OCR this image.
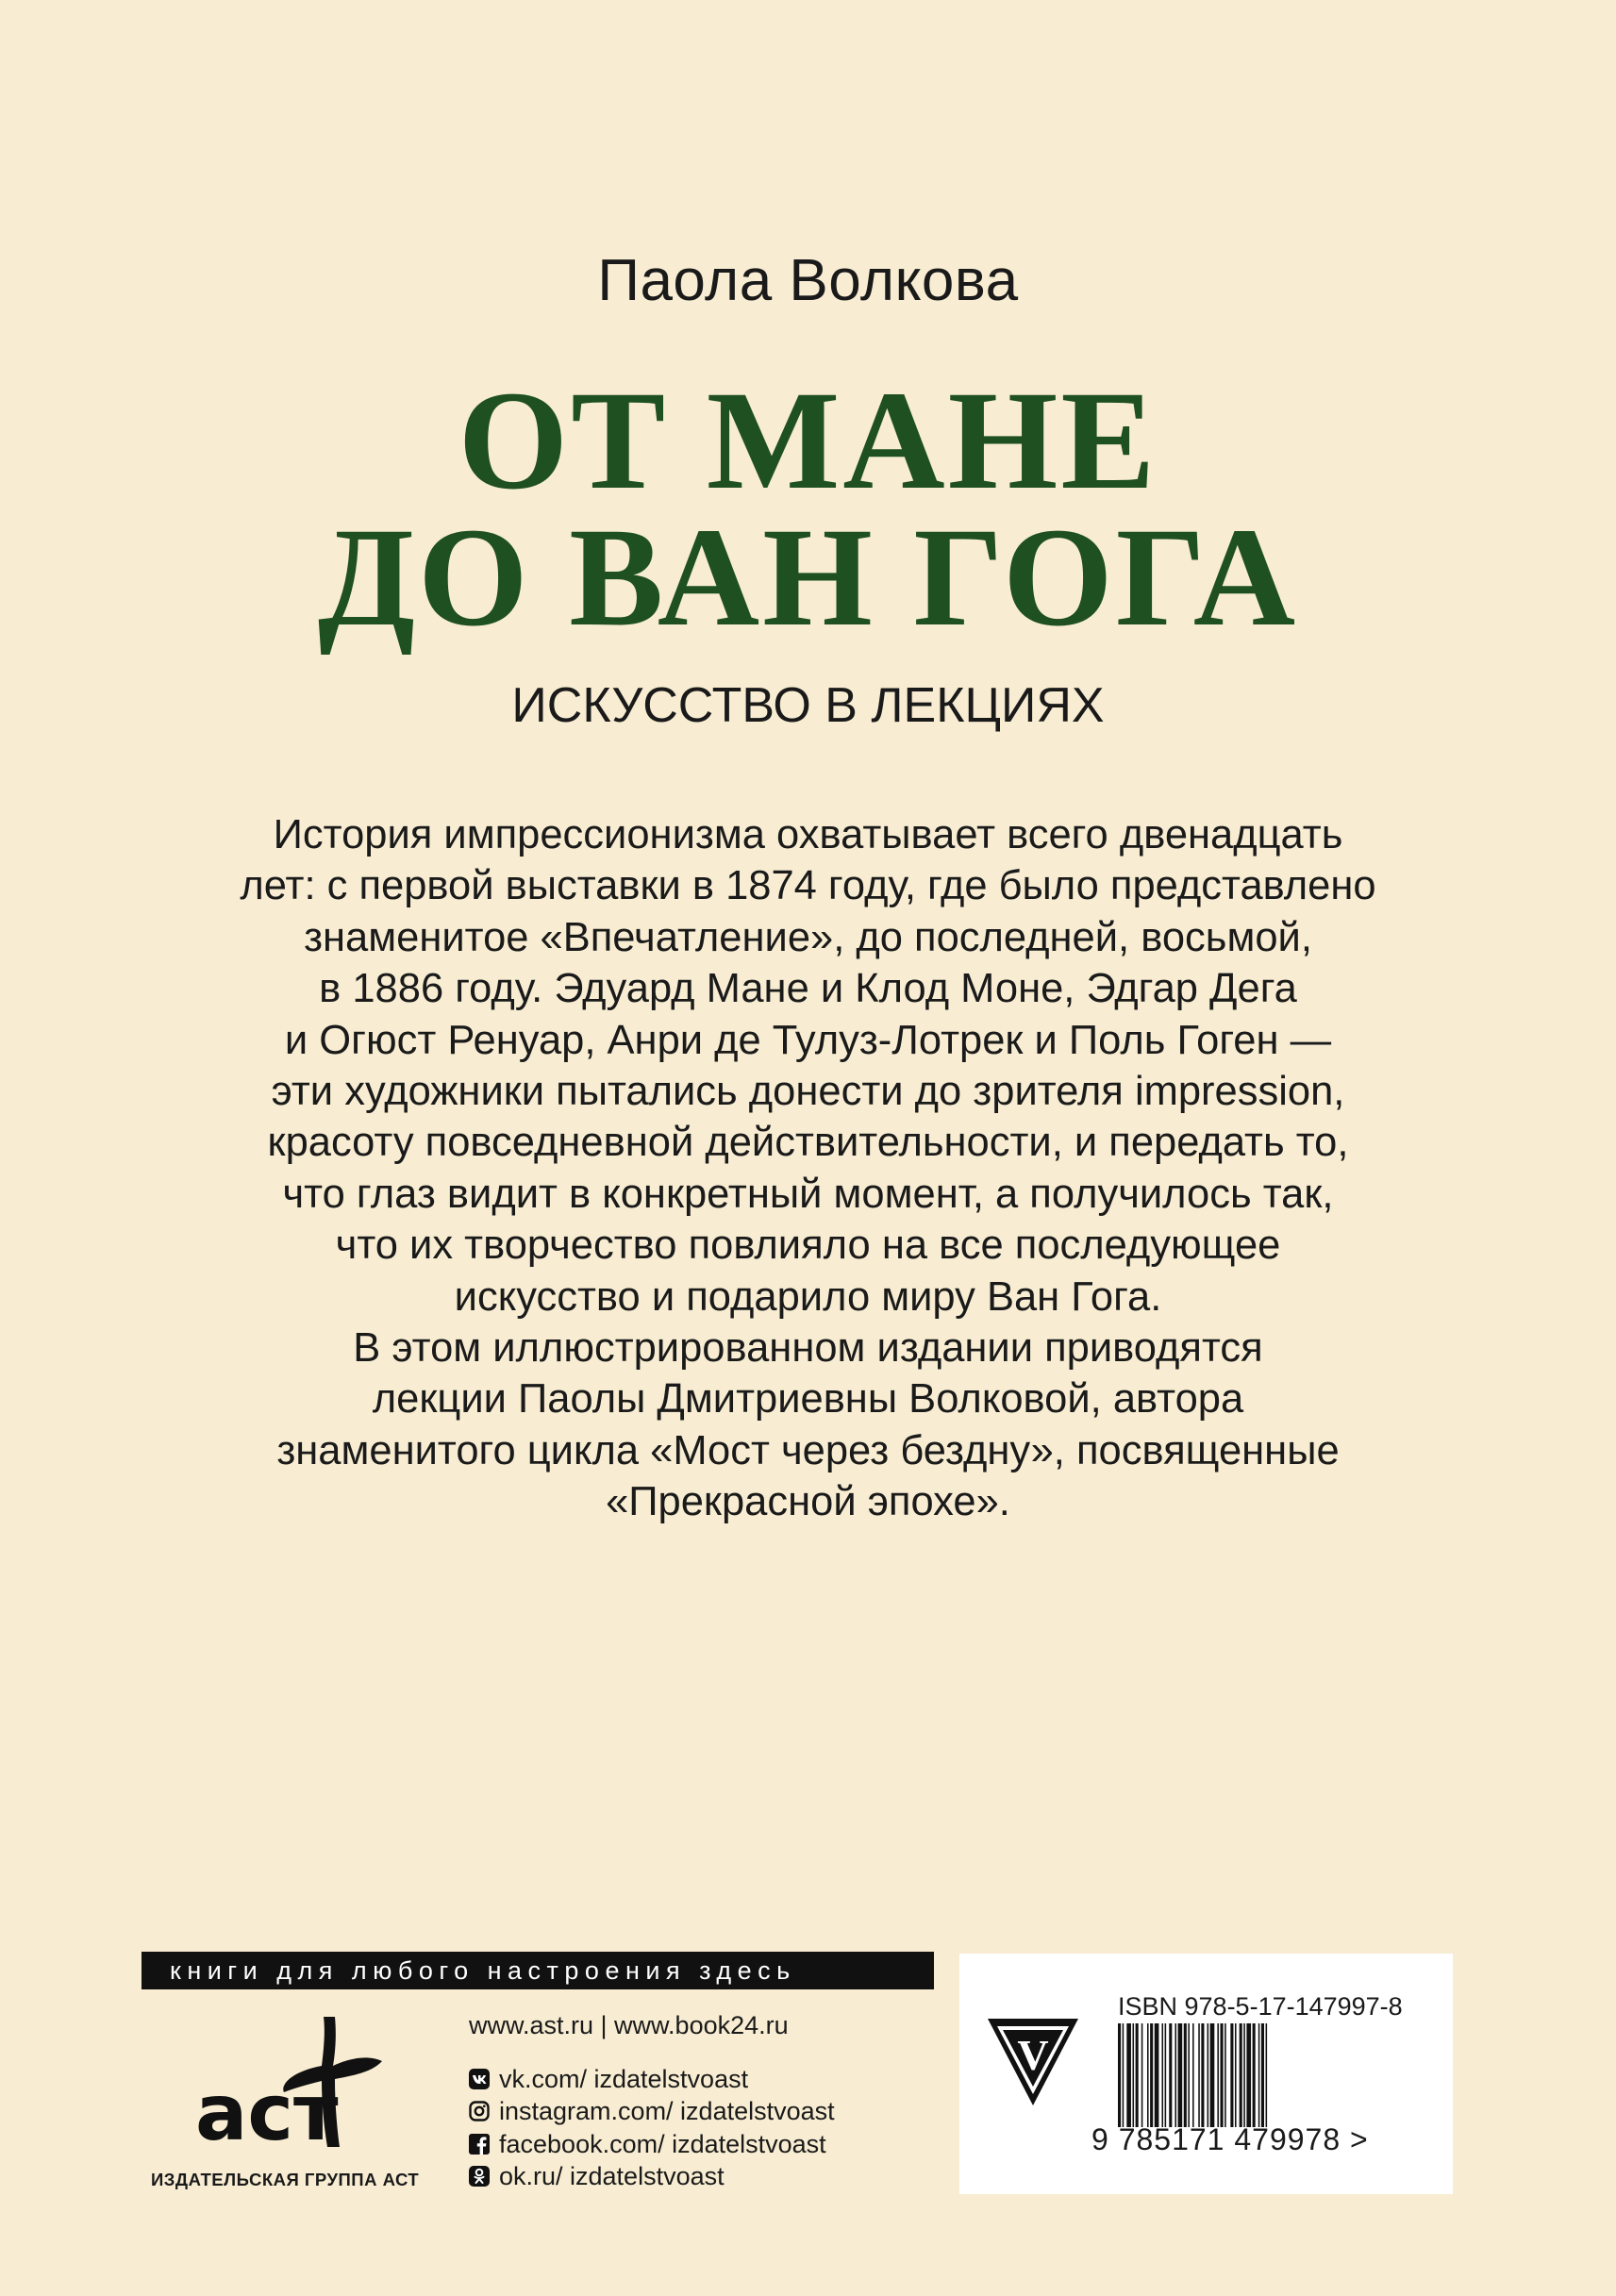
Паола Волкова
ОТ МАНЕ
ДО ВАН ГОГА
ИСКУССТВО В ЛЕКЦИЯХ

История импрессионизма охватывает всего двенадцать

лет: с первой выставки в 1874 году, где было представлено

знаменитое «Впечатление», до последней, восьмой,

в 1886 году. Эдуард Мане и Клод Моне, Эдгар Дега

и Огюст Ренуар, Анри де Тулуз-Лотрек и Поль Гоген —

эти художники пытались донести до зрителя impression,

красоту повседневной действительности, и передать то,

что глаз видит в конкретный момент, а получилось так,

что их творчество повлияло на все последующее

искусство и подарило миру Ван Гога.

В этом иллюстрированном издании приводятся

лекции Паолы Дмитриевны Волковой, автора

знаменитого цикла «Мост через бездну», посвященные

«Прекрасной эпохе».

книги для любого настроения здесь
аст
ИЗДАТЕЛЬСКАЯ ГРУППА АСТ
www.ast.ru | www.book24.ru
vk.com/ izdatelstvoast
instagram.com/ izdatelstvoast
facebook.com/ izdatelstvoast
ok.ru/ izdatelstvoast
ISBN 978-5-17-147997-8
V
9 785171 479978 >
